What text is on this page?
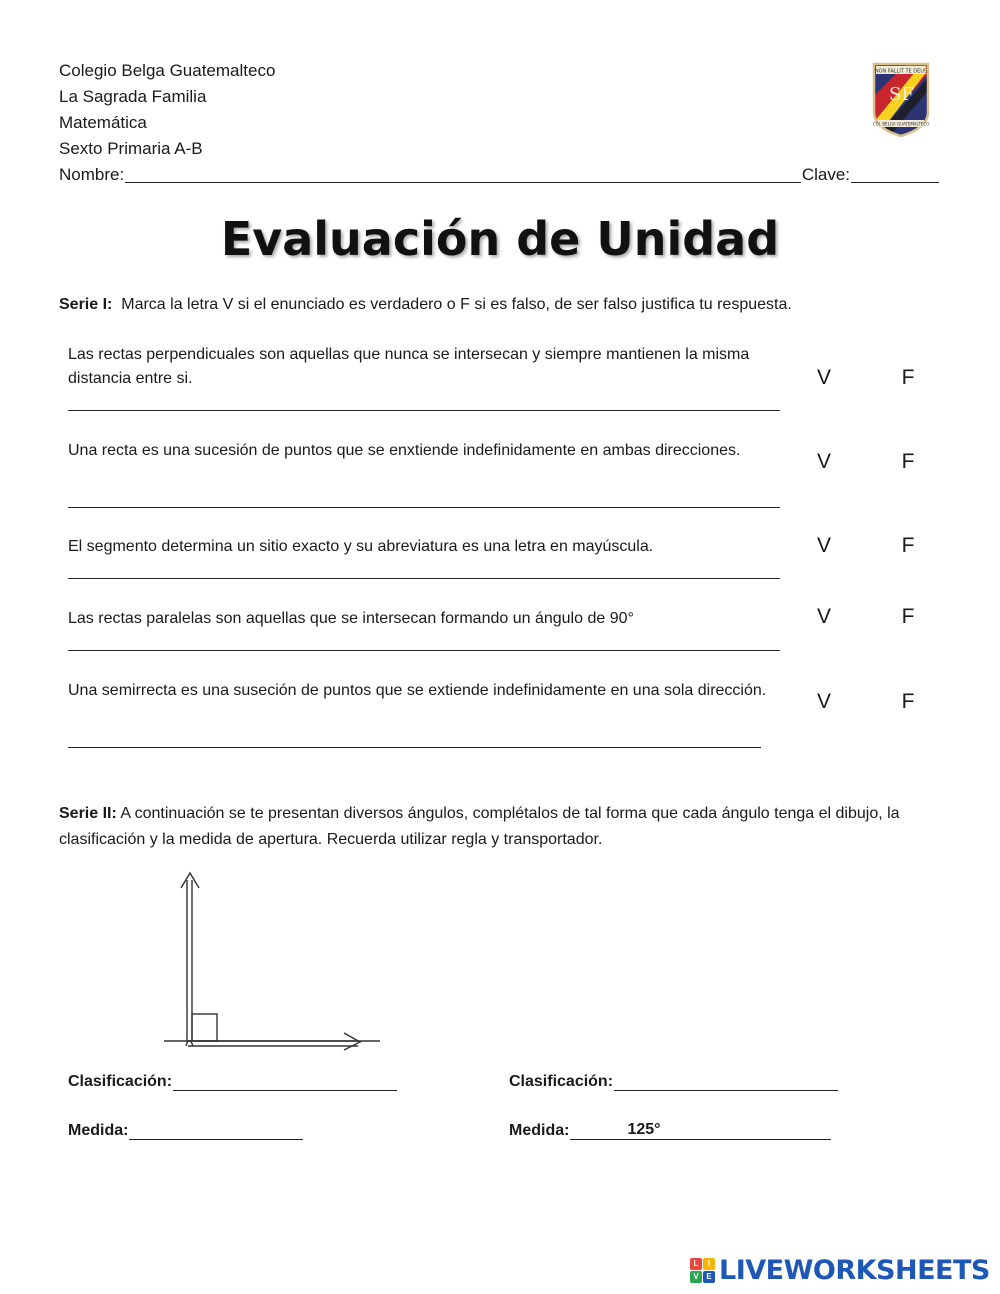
Colegio Belga Guatemalteco
La Sagrada Familia
Matemática
Sexto Primaria A-B
Nombre:	Clave:
NON FALLIT TE DEUS
SF
COL BELGA GUATEMALTECO
Evaluación de Unidad
Serie I: Marca la letra V si el enunciado es verdadero o F si es falso, de ser falso justifica tu respuesta.
Las rectas perpendicuales son aquellas que nunca se intersecan y siempre mantienen la misma distancia entre si.	V	F
Una recta es una sucesión de puntos que se enxtiende indefinidamente en ambas direcciones.	V	F
El segmento determina un sitio exacto y su abreviatura es una letra en mayúscula.	V	F
Las rectas paralelas son aquellas que se intersecan formando un ángulo de 90°	V	F
Una semirrecta es una suseción de puntos que se extiende indefinidamente en una sola dirección.	V	F
Serie II: A continuación se te presentan diversos ángulos, complétalos de tal forma que cada ángulo tenga el dibujo, la clasificación y la medida de apertura. Recuerda utilizar regla y transportador.
Clasificación:	Clasificación:
Medida:	Medida:	125°
L	I
V E LIVEWORKSHEETS
